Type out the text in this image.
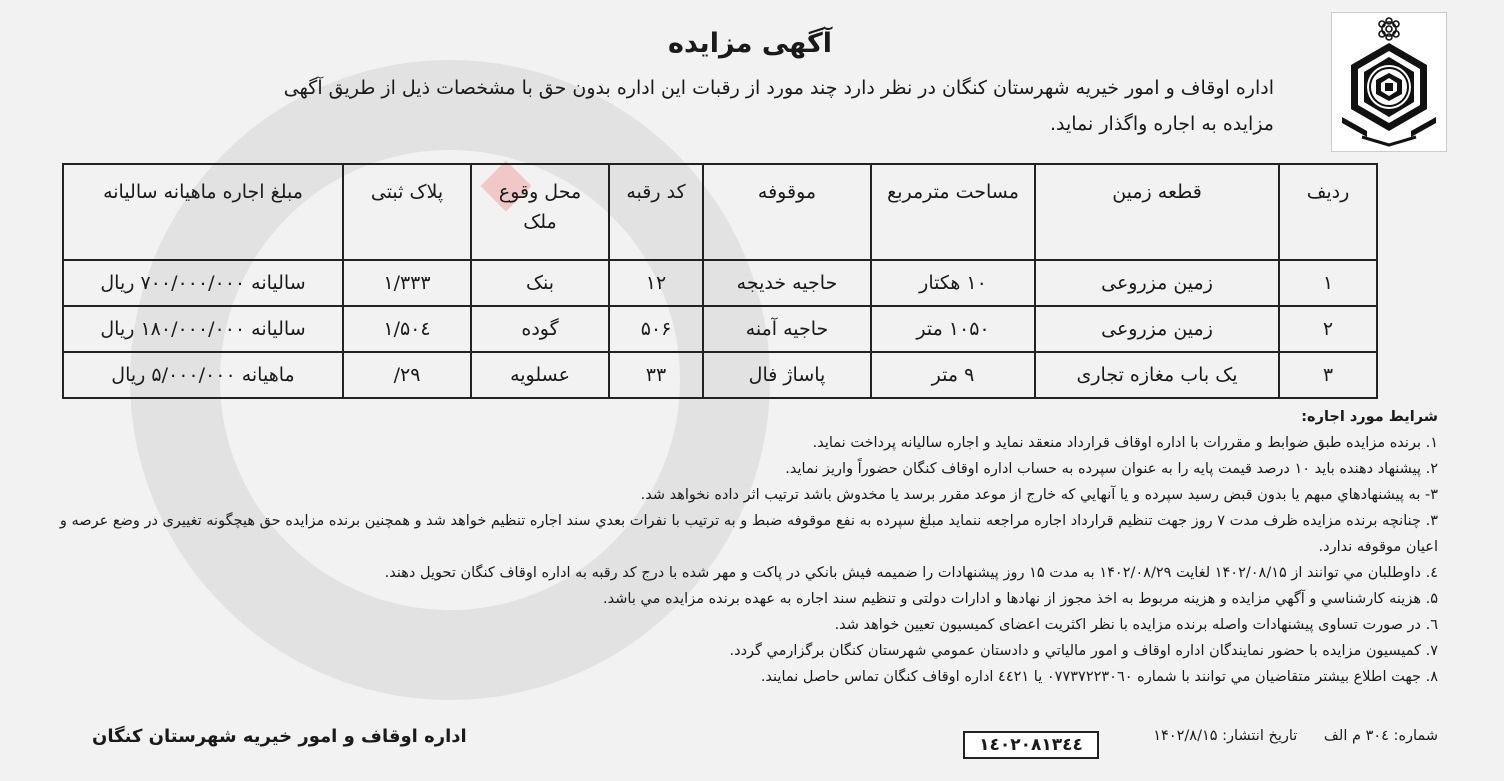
آگهی مزایده
اداره اوقاف و امور خیریه شهرستان کنگان در نظر دارد چند مورد از رقبات این اداره بدون حق با مشخصات ذیل از طریق آگهی مزایده به اجاره واگذار نماید.
ردیف	قطعه زمین	مساحت مترمربع	موقوفه	کد رقبه	محل وقوع ملک	پلاک ثبتی	مبلغ اجاره ماهیانه سالیانه
۱	زمین مزروعی	۱۰ هکتار	حاجیه خدیجه	۱۲	بنک	۱/۳۳۳	سالیانه ۷۰۰/۰۰۰/۰۰۰ ریال
۲	زمین مزروعی	۱۰۵۰ متر	حاجیه آمنه	۵۰۶	گوده	۱/۵۰٤	سالیانه ۱۸۰/۰۰۰/۰۰۰ ریال
۳	یک باب مغازه تجاری	۹ متر	پاساژ فال	۳۳	عسلویه	۲۹/	ماهیانه ۵/۰۰۰/۰۰۰ ریال
شرایط مورد اجاره:
۱. برنده مزایده طبق ضوابط و مقررات با اداره اوقاف قرارداد منعقد نماید و اجاره سالیانه پرداخت نماید.
۲. پیشنهاد دهنده باید ۱۰ درصد قیمت پایه را به عنوان سپرده به حساب اداره اوقاف کنگان حضوراً واریز نماید.
۳- به پیشنهادهاي مبهم یا بدون قبض رسید سپرده و یا آنهایي که خارج از موعد مقرر برسد یا مخدوش باشد ترتیب اثر داده نخواهد شد.
۳. چنانچه برنده مزایده ظرف مدت ۷ روز جهت تنظیم قرارداد اجاره مراجعه ننماید مبلغ سپرده به نفع موقوفه ضبط و به ترتیب با نفرات بعدي سند اجاره تنظیم خواهد شد و همچنین برنده مزایده حق هیچگونه تغییری در وضع عرصه و اعیان موقوفه ندارد.
٤. داوطلبان مي توانند از ۱۴۰۲/۰۸/۱۵ لغایت ۱۴۰۲/۰۸/۲۹ به مدت ۱۵ روز پیشنهادات را ضمیمه فیش بانکي در پاکت و مهر شده با درج کد رقبه به اداره اوقاف کنگان تحویل دهند.
۵. هزینه کارشناسي و آگهي مزایده و هزینه مربوط به اخذ مجوز از نهادها و ادارات دولتی و تنظیم سند اجاره به عهده برنده مزایده مي باشد.
٦. در صورت تساوی پیشنهادات واصله برنده مزایده با نظر اکثریت اعضای کمیسیون تعیین خواهد شد.
۷. کمیسیون مزایده با حضور نمایندگان اداره اوقاف و امور مالیاتي و دادستان عمومي شهرستان کنگان برگزارمي گردد.
۸. جهت اطلاع بیشتر متقاضیان مي توانند با شماره ۰۷۷۳۷۲۲۳۰٦۰ یا ٤٤٢١ اداره اوقاف کنگان تماس حاصل نمایند.
شماره: ۳۰٤ م الف تاریخ انتشار: ۱۴۰۲/۸/۱۵
۱٤۰۲۰۸۱۳٤٤
اداره اوقاف و امور خیریه شهرستان کنگان
